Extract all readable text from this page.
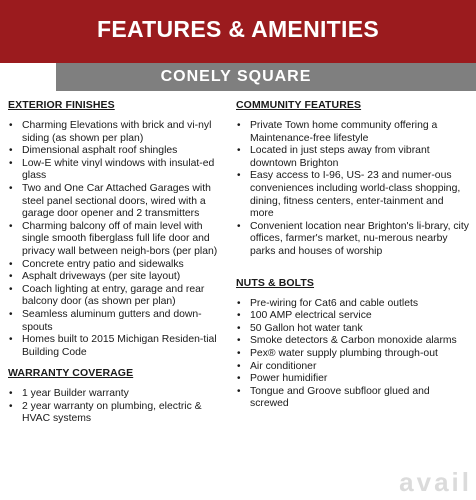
FEATURES & AMENITIES
CONELY SQUARE
EXTERIOR FINISHES
• Charming Elevations with brick and vi-nyl siding (as shown per plan)
• Dimensional asphalt roof shingles
• Low-E white vinyl windows with insulat-ed glass
• Two and One Car Attached Garages with steel panel sectional doors, wired with a garage door opener and 2 transmitters
• Charming balcony off of main level with single smooth fiberglass full life door and privacy wall between neigh-bors (per plan)
• Concrete entry patio and sidewalks
• Asphalt driveways (per site layout)
• Coach lighting at entry, garage and rear balcony door (as shown per plan)
• Seamless aluminum gutters and down-spouts
• Homes built to 2015 Michigan Residen-tial Building Code
WARRANTY COVERAGE
• 1 year Builder warranty
• 2 year warranty on plumbing, electric & HVAC systems
COMMUNITY FEATURES
• Private Town home community offering a Maintenance-free lifestyle
• Located in just steps away from vibrant downtown Brighton
• Easy access to I-96, US- 23 and numer-ous conveniences including world-class shopping, dining, fitness centers, enter-tainment and more
• Convenient location near Brighton's li-brary, city offices, farmer's market, nu-merous nearby parks and houses of worship
NUTS & BOLTS
• Pre-wiring for Cat6 and cable outlets
• 100 AMP electrical service
• 50 Gallon hot water tank
• Smoke detectors & Carbon monoxide alarms
• Pex® water supply plumbing through-out
• Air conditioner
• Power humidifier
• Tongue and Groove subfloor glued and screwed
avail
